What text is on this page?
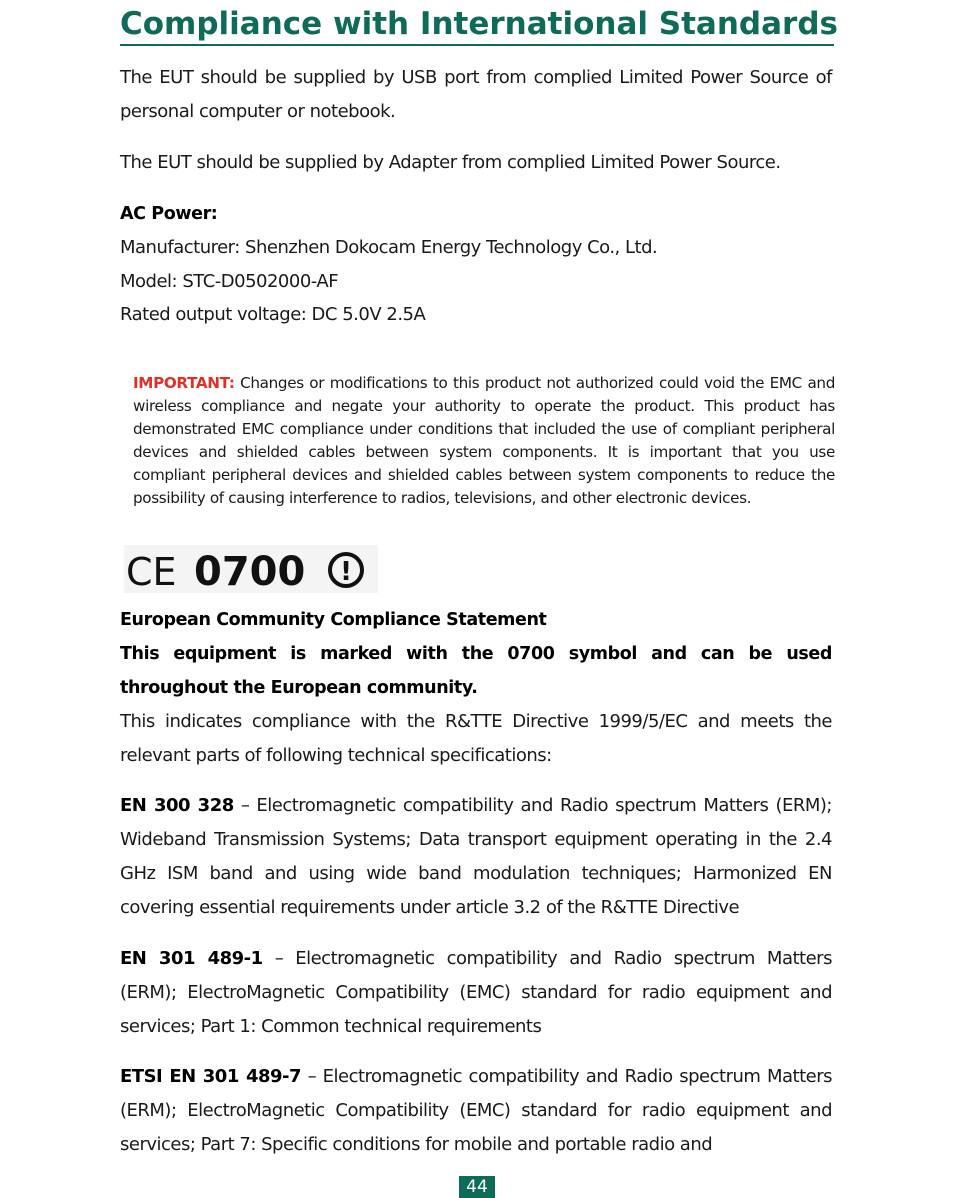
Compliance with International Standards

The EUT should be supplied by USB port from complied Limited Power Source of personal computer or notebook.

The EUT should be supplied by Adapter from complied Limited Power Source.

AC Power:

Manufacturer: Shenzhen Dokocam Energy Technology Co., Ltd.

Model: STC-D0502000-AF

Rated output voltage: DC 5.0V 2.5A

IMPORTANT: Changes or modifications to this product not authorized could void the EMC and wireless compliance and negate your authority to operate the product. This product has demonstrated EMC compliance under conditions that included the use of compliant peripheral devices and shielded cables between system components. It is important that you use compliant peripheral devices and shielded cables between system components to reduce the possibility of causing interference to radios, televisions, and other electronic devices.
CE 0700 !

European Community Compliance Statement

This equipment is marked with the 0700 symbol and can be used throughout the European community.

This indicates compliance with the R&TTE Directive 1999/5/EC and meets the relevant parts of following technical specifications:

EN 300 328 – Electromagnetic compatibility and Radio spectrum Matters (ERM); Wideband Transmission Systems; Data transport equipment operating in the 2.4 GHz ISM band and using wide band modulation techniques; Harmonized EN covering essential requirements under article 3.2 of the R&TTE Directive

EN 301 489-1 – Electromagnetic compatibility and Radio spectrum Matters (ERM); ElectroMagnetic Compatibility (EMC) standard for radio equipment and services; Part 1: Common technical requirements

ETSI EN 301 489-7 – Electromagnetic compatibility and Radio spectrum Matters (ERM); ElectroMagnetic Compatibility (EMC) standard for radio equipment and services; Part 7: Specific conditions for mobile and portable radio and

44
